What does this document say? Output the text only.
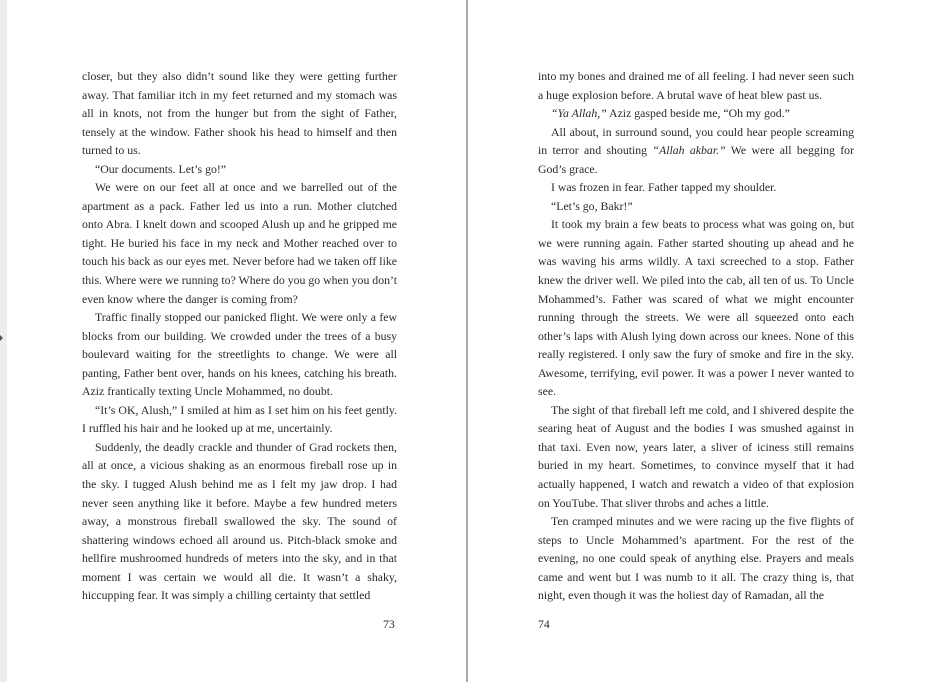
closer, but they also didn’t sound like they were getting further away. That familiar itch in my feet returned and my stomach was all in knots, not from the hunger but from the sight of Father, tensely at the window. Father shook his head to himself and then turned to us.

“Our documents. Let’s go!”

We were on our feet all at once and we barrelled out of the apartment as a pack. Father led us into a run. Mother clutched onto Abra. I knelt down and scooped Alush up and he gripped me tight. He buried his face in my neck and Mother reached over to touch his back as our eyes met. Never before had we taken off like this. Where were we running to? Where do you go when you don’t even know where the danger is coming from?

Traffic finally stopped our panicked flight. We were only a few blocks from our building. We crowded under the trees of a busy boulevard waiting for the streetlights to change. We were all panting, Father bent over, hands on his knees, catching his breath. Aziz frantically texting Uncle Mohammed, no doubt.

“It’s OK, Alush,” I smiled at him as I set him on his feet gently. I ruffled his hair and he looked up at me, uncertainly.

Suddenly, the deadly crackle and thunder of Grad rockets then, all at once, a vicious shaking as an enormous fireball rose up in the sky. I tugged Alush behind me as I felt my jaw drop. I had never seen anything like it before. Maybe a few hundred meters away, a monstrous fireball swallowed the sky. The sound of shattering windows echoed all around us. Pitch-black smoke and hellfire mushroomed hundreds of meters into the sky, and in that moment I was certain we would all die. It wasn’t a shaky, hiccupping fear. It was simply a chilling certainty that settled

73

into my bones and drained me of all feeling. I had never seen such a huge explosion before. A brutal wave of heat blew past us.

“Ya Allah,” Aziz gasped beside me, “Oh my god.”

All about, in surround sound, you could hear people screaming in terror and shouting “Allah akbar.” We were all begging for God’s grace.

I was frozen in fear. Father tapped my shoulder.

“Let’s go, Bakr!”

It took my brain a few beats to process what was going on, but we were running again. Father started shouting up ahead and he was waving his arms wildly. A taxi screeched to a stop. Father knew the driver well. We piled into the cab, all ten of us. To Uncle Mohammed’s. Father was scared of what we might encounter running through the streets. We were all squeezed onto each other’s laps with Alush lying down across our knees. None of this really registered. I only saw the fury of smoke and fire in the sky. Awesome, terrifying, evil power. It was a power I never wanted to see.

The sight of that fireball left me cold, and I shivered despite the searing heat of August and the bodies I was smushed against in that taxi. Even now, years later, a sliver of iciness still remains buried in my heart. Sometimes, to convince myself that it had actually happened, I watch and rewatch a video of that explosion on YouTube. That sliver throbs and aches a little.

Ten cramped minutes and we were racing up the five flights of steps to Uncle Mohammed’s apartment. For the rest of the evening, no one could speak of anything else. Prayers and meals came and went but I was numb to it all. The crazy thing is, that night, even though it was the holiest day of Ramadan, all the

74
